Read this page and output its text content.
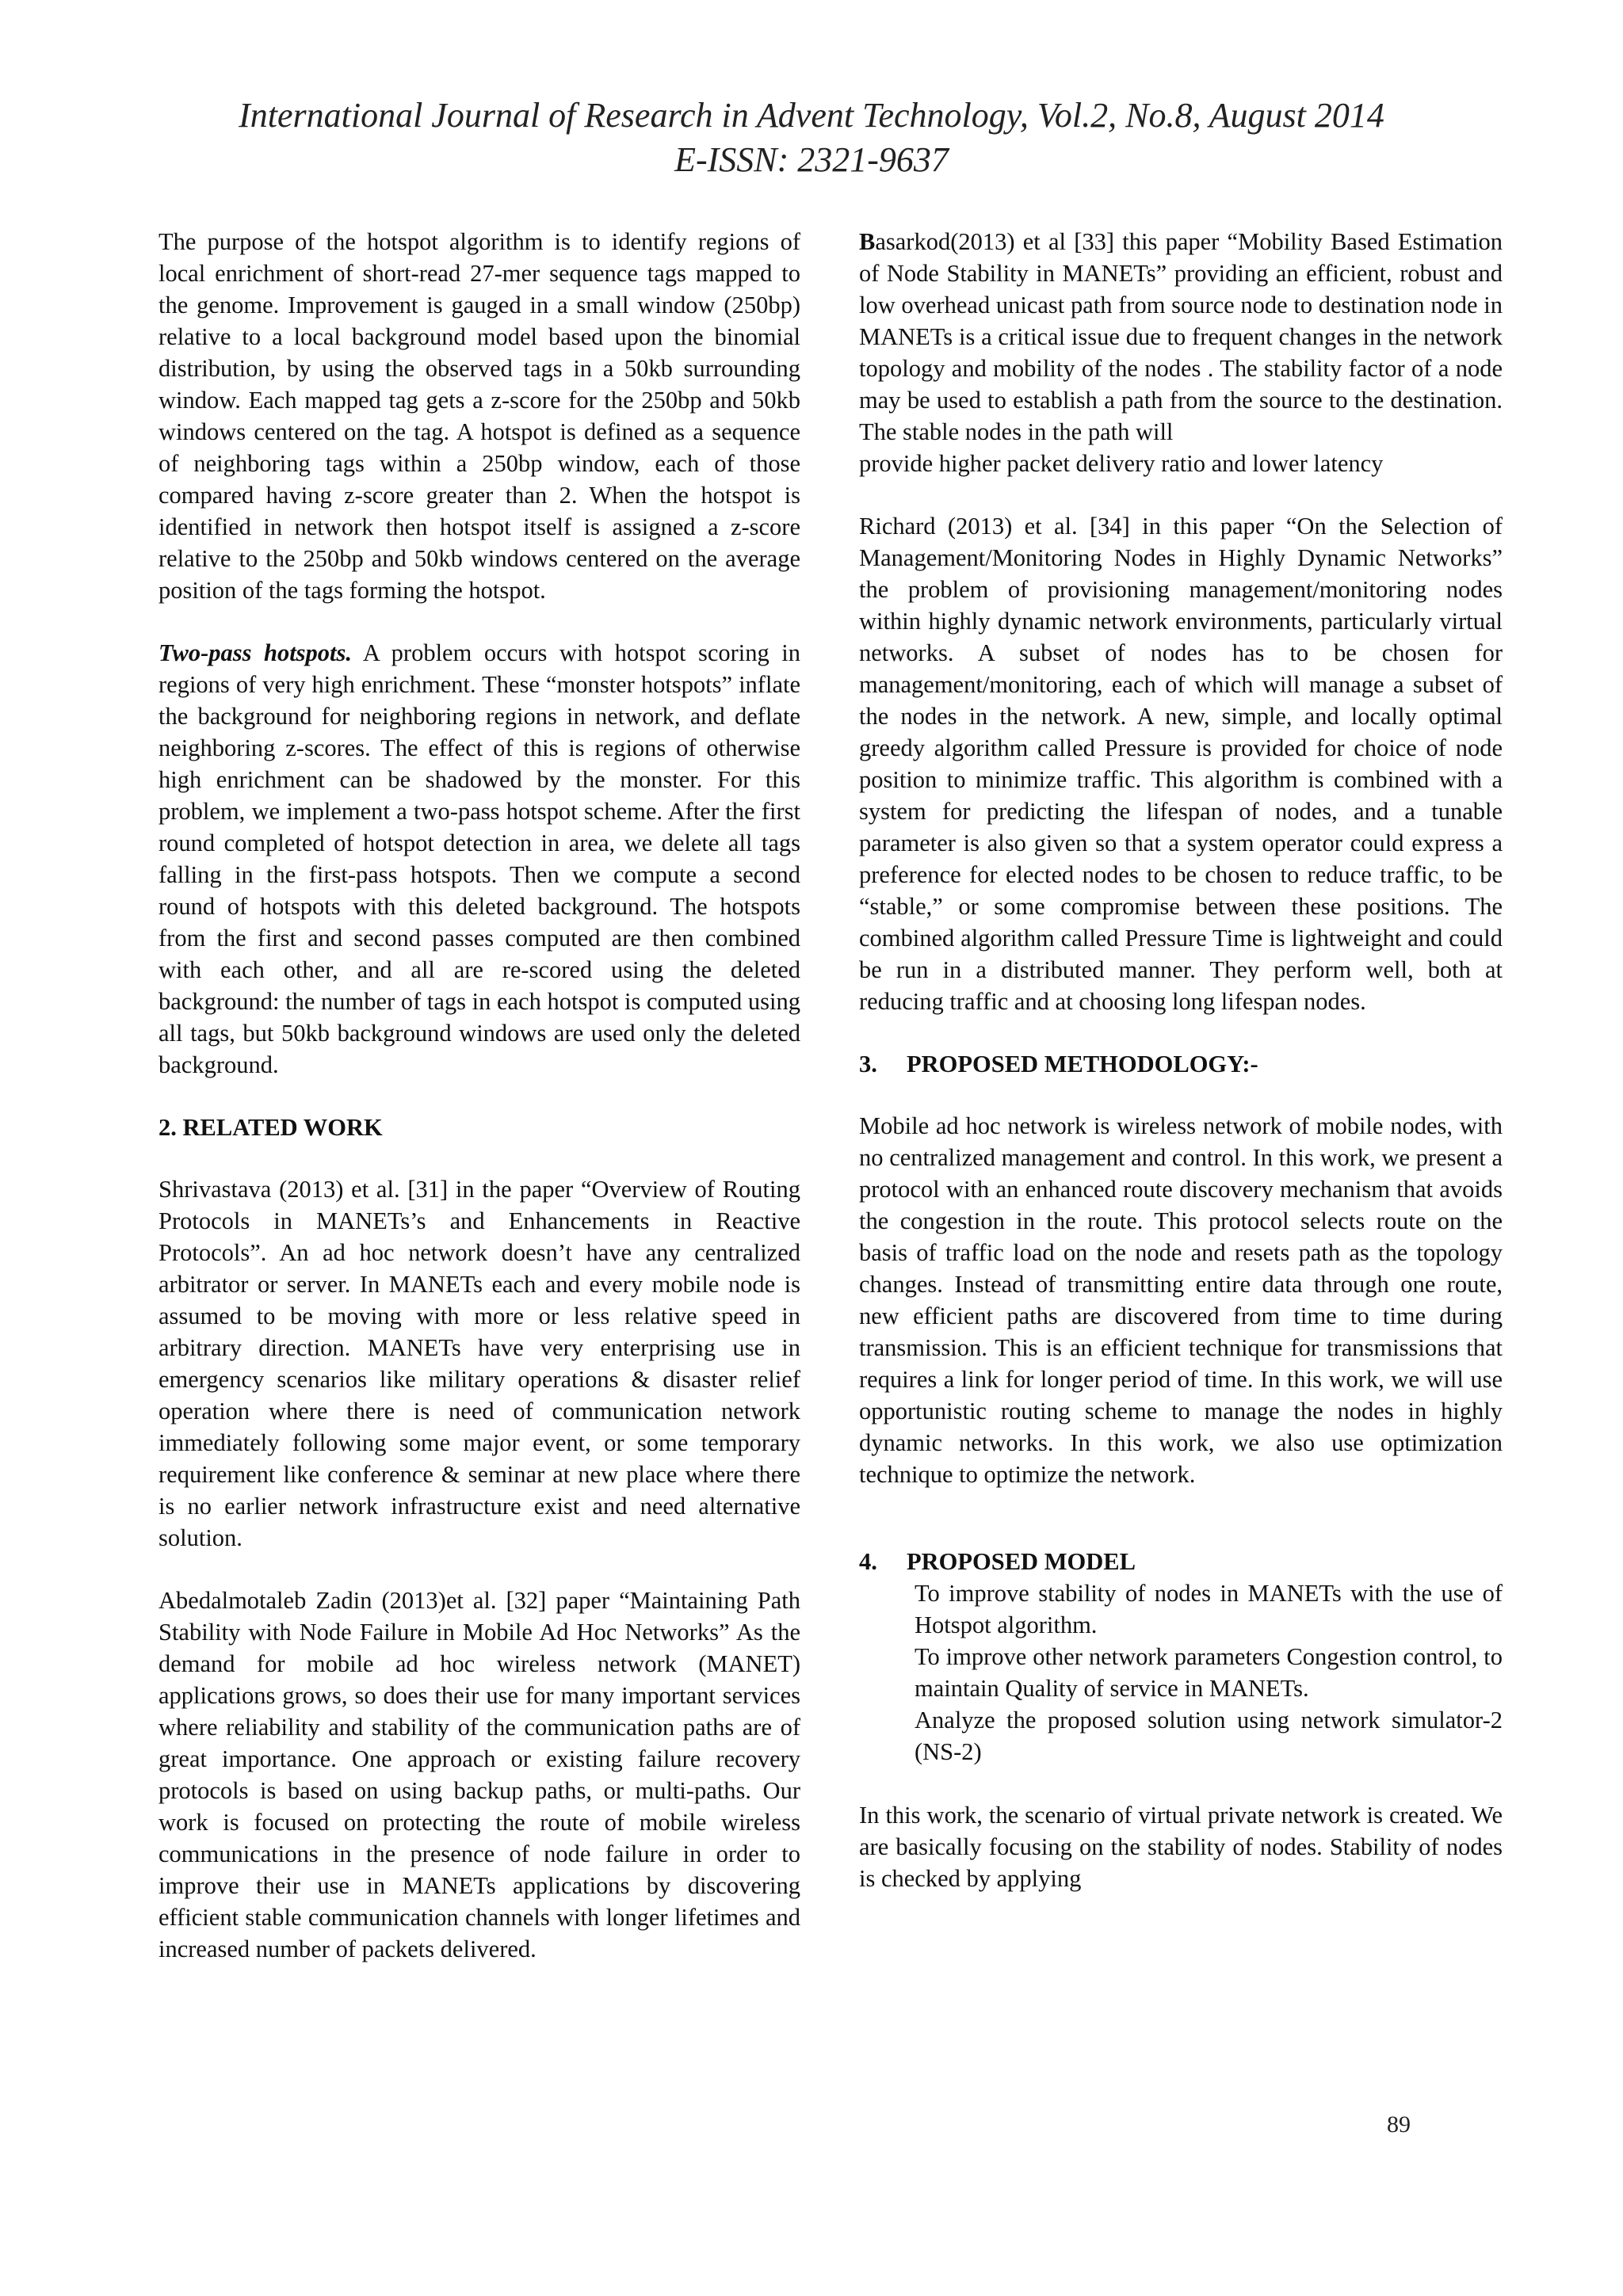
International Journal of Research in Advent Technology, Vol.2, No.8, August 2014
E-ISSN: 2321-9637

The purpose of the hotspot algorithm is to identify regions of local enrichment of short-read 27-mer sequence tags mapped to the genome. Improvement is gauged in a small window (250bp) relative to a local background model based upon the binomial distribution, by using the observed tags in a 50kb surrounding window. Each mapped tag gets a z-score for the 250bp and 50kb windows centered on the tag. A hotspot is defined as a sequence of neighboring tags within a 250bp window, each of those compared having z-score greater than 2. When the hotspot is identified in network then hotspot itself is assigned a z-score relative to the 250bp and 50kb windows centered on the average position of the tags forming the hotspot.

Two-pass hotspots. A problem occurs with hotspot scoring in regions of very high enrichment. These “monster hotspots” inflate the background for neighboring regions in network, and deflate neighboring z-scores. The effect of this is regions of otherwise high enrichment can be shadowed by the monster. For this problem, we implement a two-pass hotspot scheme. After the first round completed of hotspot detection in area, we delete all tags falling in the first-pass hotspots. Then we compute a second round of hotspots with this deleted background. The hotspots from the first and second passes computed are then combined with each other, and all are re-scored using the deleted background: the number of tags in each hotspot is computed using all tags, but 50kb background windows are used only the deleted background.

2. RELATED WORK

Shrivastava (2013) et al. [31] in the paper “Overview of Routing Protocols in MANETs’s and Enhancements in Reactive Protocols”. An ad hoc network doesn’t have any centralized arbitrator or server. In MANETs each and every mobile node is assumed to be moving with more or less relative speed in arbitrary direction. MANETs have very enterprising use in emergency scenarios like military operations & disaster relief operation where there is need of communication network immediately following some major event, or some temporary requirement like conference & seminar at new place where there is no earlier network infrastructure exist and need alternative solution.

Abedalmotaleb Zadin (2013)et al. [32] paper “Maintaining Path Stability with Node Failure in Mobile Ad Hoc Networks” As the demand for mobile ad hoc wireless network (MANET) applications grows, so does their use for many important services where reliability and stability of the communication paths are of great importance. One approach or existing failure recovery protocols is based on using backup paths, or multi-paths. Our work is focused on protecting the route of mobile wireless communications in the presence of node failure in order to improve their use in MANETs applications by discovering efficient stable communication channels with longer lifetimes and increased number of packets delivered.

Basarkod(2013) et al [33] this paper “Mobility Based Estimation of Node Stability in MANETs” providing an efficient, robust and low overhead unicast path from source node to destination node in MANETs is a critical issue due to frequent changes in the network topology and mobility of the nodes . The stability factor of a node may be used to establish a path from the source to the destination. The stable nodes in the path will

provide higher packet delivery ratio and lower latency

Richard (2013) et al. [34] in this paper “On the Selection of Management/Monitoring Nodes in Highly Dynamic Networks” the problem of provisioning management/monitoring nodes within highly dynamic network environments, particularly virtual networks. A subset of nodes has to be chosen for management/monitoring, each of which will manage a subset of the nodes in the network. A new, simple, and locally optimal greedy algorithm called Pressure is provided for choice of node position to minimize traffic. This algorithm is combined with a system for predicting the lifespan of nodes, and a tunable parameter is also given so that a system operator could express a preference for elected nodes to be chosen to reduce traffic, to be “stable,” or some compromise between these positions. The combined algorithm called Pressure Time is lightweight and could be run in a distributed manner. They perform well, both at reducing traffic and at choosing long lifespan nodes.

3. PROPOSED METHODOLOGY:-

Mobile ad hoc network is wireless network of mobile nodes, with no centralized management and control. In this work, we present a protocol with an enhanced route discovery mechanism that avoids the congestion in the route. This protocol selects route on the basis of traffic load on the node and resets path as the topology changes. Instead of transmitting entire data through one route, new efficient paths are discovered from time to time during transmission. This is an efficient technique for transmissions that requires a link for longer period of time. In this work, we will use opportunistic routing scheme to manage the nodes in highly dynamic networks. In this work, we also use optimization technique to optimize the network.

4. PROPOSED MODEL
To improve stability of nodes in MANETs with the use of Hotspot algorithm.
To improve other network parameters Congestion control, to maintain Quality of service in MANETs.
Analyze the proposed solution using network simulator-2 (NS-2)

In this work, the scenario of virtual private network is created. We are basically focusing on the stability of nodes. Stability of nodes is checked by applying

89
